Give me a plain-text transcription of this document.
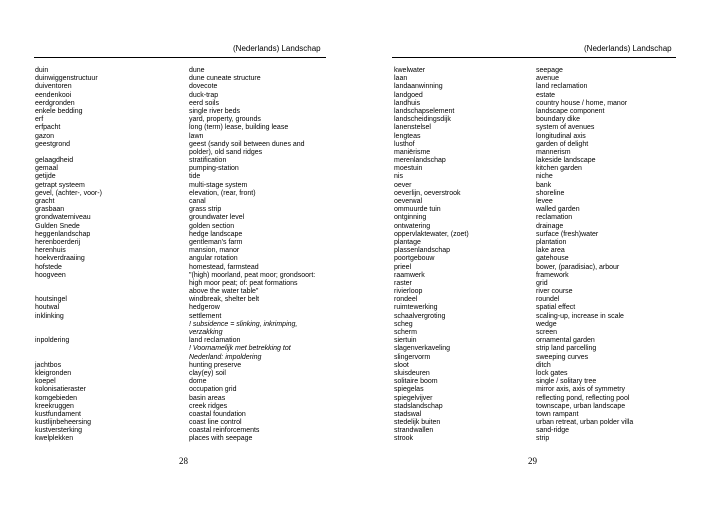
(Nederlands) Landschap
duin	dune
duinwiggenstructuur	dune cuneate structure
duiventoren	dovecote
eendenkooi	duck-trap
eerdgronden	eerd soils
enkele bedding	single river beds
erf	yard, property, grounds
erfpacht	long (term) lease, building lease
gazon	lawn
geestgrond	geest (sandy soil between dunes and
polder), old sand ridges
gelaagdheid	stratification
gemaal	pumping-station
getijde	tide
getrapt systeem	multi-stage system
gevel, (achter-, voor-)	elevation, (rear, front)
gracht	canal
grasbaan	grass strip
grondwaterniveau	groundwater level
Gulden Snede	golden section
heggenlandschap	hedge landscape
herenboerderij	gentleman's farm
herenhuis	mansion, manor
hoekverdraaiing	angular rotation
hofstede	homestead, farmstead
hoogveen	"(high) moorland, peat moor; grondsoort:
high moor peat; of: peat formations
above the water table"
houtsingel	windbreak, shelter belt
houtwal	hedgerow
inklinking	settlement
! subsidence = slinking, inkrimping,
verzakking
inpoldering	land reclamation
! Voornamelijk met betrekking tot
Nederland: impoldering
jachtbos	hunting preserve
kleigronden	clay(ey) soil
koepel	dome
kolonisatieraster	occupation grid
komgebieden	basin areas
kreekruggen	creek ridges
kustfundament	coastal foundation
kustlijnbeheersing	coast line control
kustversterking	coastal reinforcements
kwelplekken	places with seepage
28
(Nederlands) Landschap
kwelwater	seepage
laan	avenue
landaanwinning	land reclamation
landgoed	estate
landhuis	country house / home, manor
landschapselement	landscape component
landscheidingsdijk	boundary dike
lanenstelsel	system of avenues
lengteas	longitudinal axis
lusthof	garden of delight
maniërisme	mannerism
merenlandschap	lakeside landscape
moestuin	kitchen garden
nis	niche
oever	bank
oeverlijn, oeverstrook	shoreline
oeverwal	levee
ommuurde tuin	walled garden
ontginning	reclamation
ontwatering	drainage
oppervlaktewater, (zoet)	surface (fresh)water
plantage	plantation
plassenlandschap	lake area
poortgebouw	gatehouse
prieel	bower, (paradisiac), arbour
raamwerk	framework
raster	grid
rivierloop	river course
rondeel	roundel
ruimtewerking	spatial effect
schaalvergroting	scaling-up, increase in scale
scheg	wedge
scherm	screen
siertuin	ornamental garden
slagenverkaveling	strip land parcelling
slingervorm	sweeping curves
sloot	ditch
sluisdeuren	lock gates
solitaire boom	single / solitary tree
spiegelas	mirror axis, axis of symmetry
spiegelvijver	reflecting pond, reflecting pool
stadslandschap	townscape, urban landscape
stadswal	town rampant
stedelijk buiten	urban retreat, urban polder villa
strandwallen	sand-ridge
strook	strip
29
